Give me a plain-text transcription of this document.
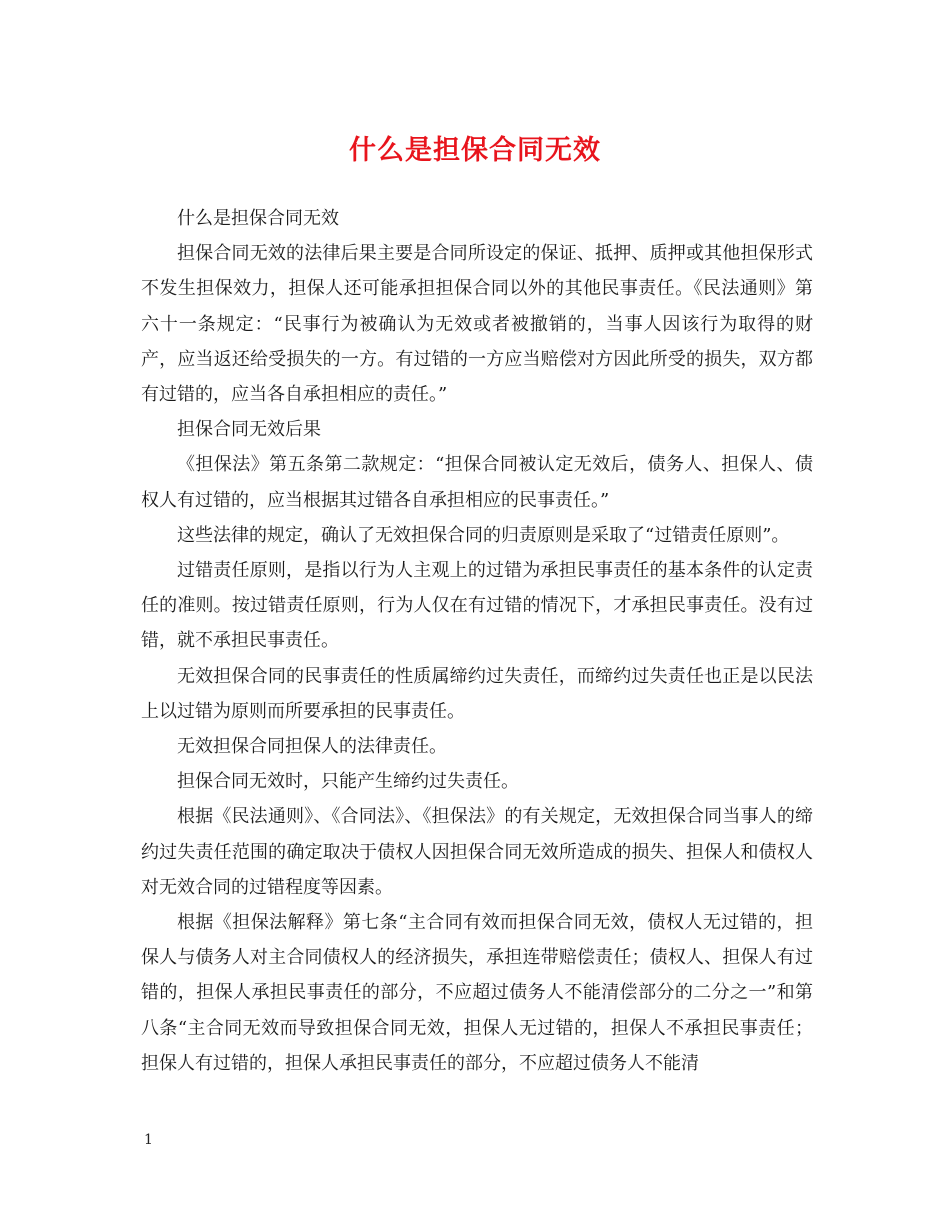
什么是担保合同无效

什么是担保合同无效

担保合同无效的法律后果主要是合同所设定的保证、抵押、质押或其他担保形式不发生担保效力，担保人还可能承担担保合同以外的其他民事责任。《民法通则》第六十一条规定：“民事行为被确认为无效或者被撤销的，当事人因该行为取得的财产，应当返还给受损失的一方。有过错的一方应当赔偿对方因此所受的损失，双方都有过错的，应当各自承担相应的责任。”

担保合同无效后果

《担保法》第五条第二款规定：“担保合同被认定无效后，债务人、担保人、债权人有过错的，应当根据其过错各自承担相应的民事责任。”

这些法律的规定，确认了无效担保合同的归责原则是采取了“过错责任原则”。

过错责任原则，是指以行为人主观上的过错为承担民事责任的基本条件的认定责任的准则。按过错责任原则，行为人仅在有过错的情况下，才承担民事责任。没有过错，就不承担民事责任。

无效担保合同的民事责任的性质属缔约过失责任，而缔约过失责任也正是以民法上以过错为原则而所要承担的民事责任。

无效担保合同担保人的法律责任。

担保合同无效时，只能产生缔约过失责任。

根据《民法通则》、《合同法》、《担保法》的有关规定，无效担保合同当事人的缔约过失责任范围的确定取决于债权人因担保合同无效所造成的损失、担保人和债权人对无效合同的过错程度等因素。

根据《担保法解释》第七条“主合同有效而担保合同无效，债权人无过错的，担保人与债务人对主合同债权人的经济损失，承担连带赔偿责任；债权人、担保人有过错的，担保人承担民事责任的部分，不应超过债务人不能清偿部分的二分之一”和第八条“主合同无效而导致担保合同无效，担保人无过错的，担保人不承担民事责任；担保人有过错的，担保人承担民事责任的部分，不应超过债务人不能清

1
